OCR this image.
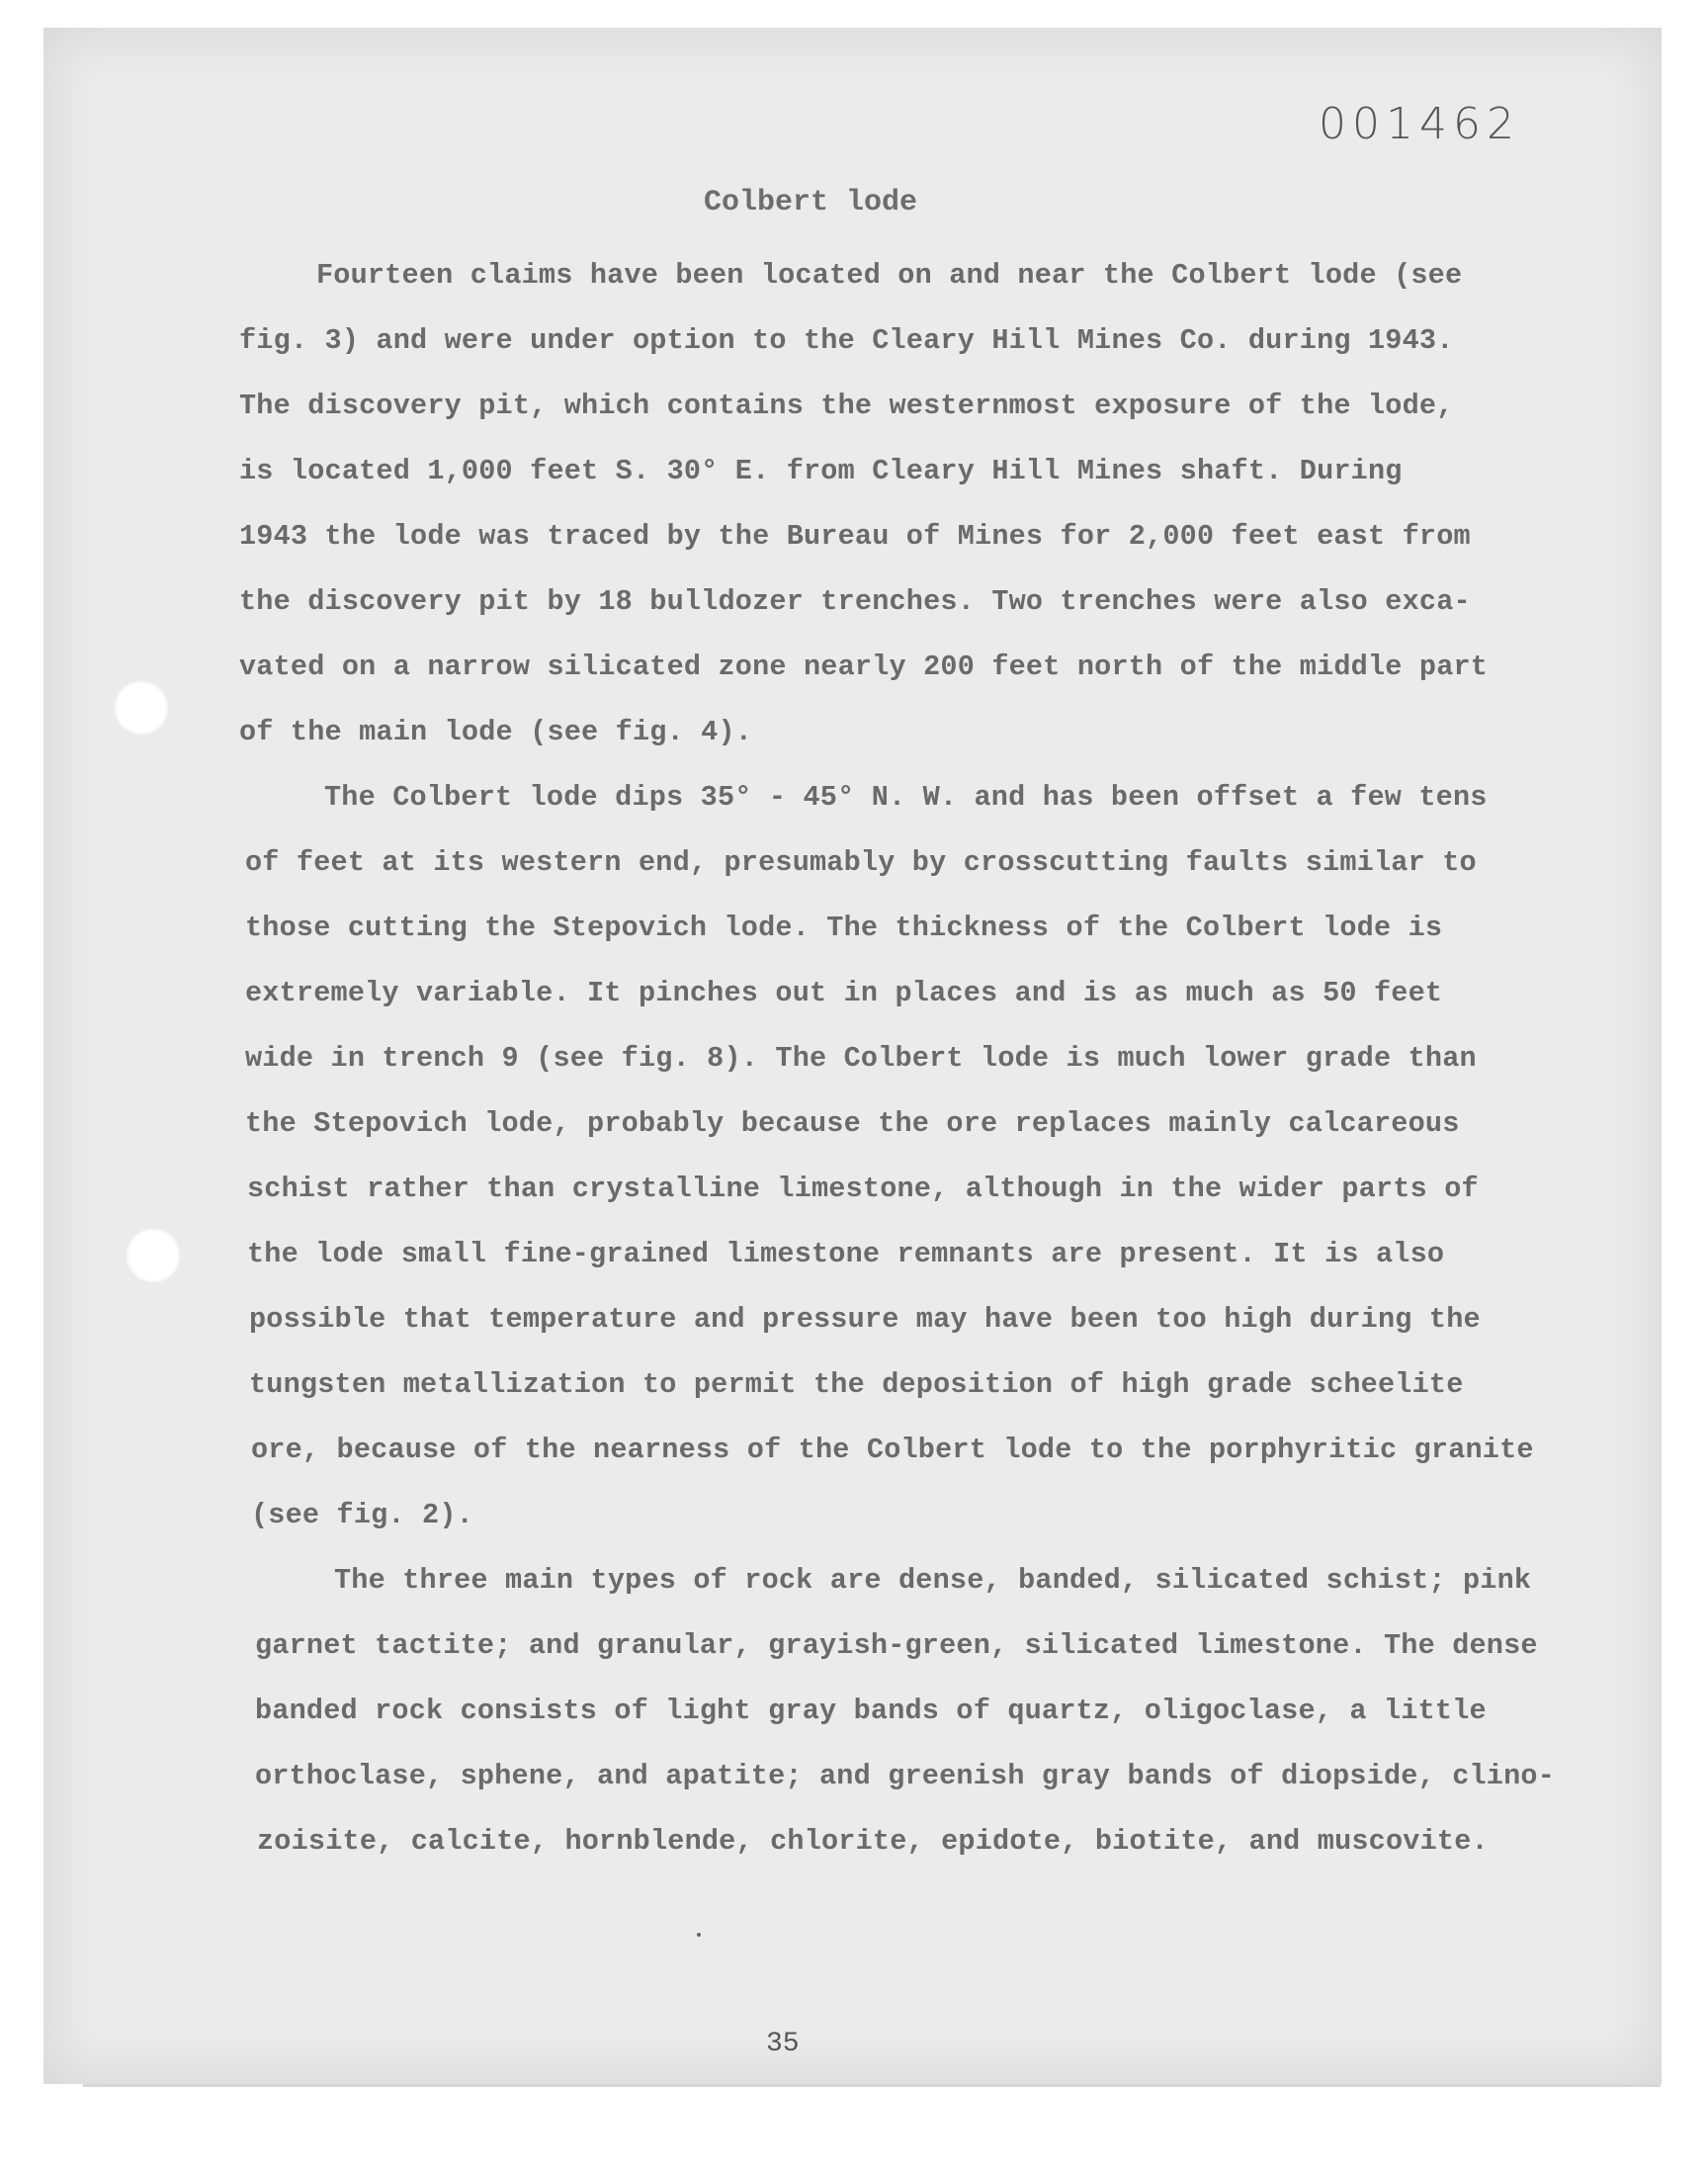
001462
Colbert lode
Fourteen claims have been located on and near the Colbert lode (see
fig. 3) and were under option to the Cleary Hill Mines Co. during 1943.
The discovery pit, which contains the westernmost exposure of the lode,
is located 1,000 feet S. 30° E. from Cleary Hill Mines shaft. During
1943 the lode was traced by the Bureau of Mines for 2,000 feet east from
the discovery pit by 18 bulldozer trenches. Two trenches were also exca-
vated on a narrow silicated zone nearly 200 feet north of the middle part
of the main lode (see fig. 4).
The Colbert lode dips 35° - 45° N. W. and has been offset a few tens
of feet at its western end, presumably by crosscutting faults similar to
those cutting the Stepovich lode. The thickness of the Colbert lode is
extremely variable. It pinches out in places and is as much as 50 feet
wide in trench 9 (see fig. 8). The Colbert lode is much lower grade than
the Stepovich lode, probably because the ore replaces mainly calcareous
schist rather than crystalline limestone, although in the wider parts of
the lode small fine-grained limestone remnants are present. It is also
possible that temperature and pressure may have been too high during the
tungsten metallization to permit the deposition of high grade scheelite
ore, because of the nearness of the Colbert lode to the porphyritic granite
(see fig. 2).
The three main types of rock are dense, banded, silicated schist; pink
garnet tactite; and granular, grayish-green, silicated limestone. The dense
banded rock consists of light gray bands of quartz, oligoclase, a little
orthoclase, sphene, and apatite; and greenish gray bands of diopside, clino-
zoisite, calcite, hornblende, chlorite, epidote, biotite, and muscovite.
35
